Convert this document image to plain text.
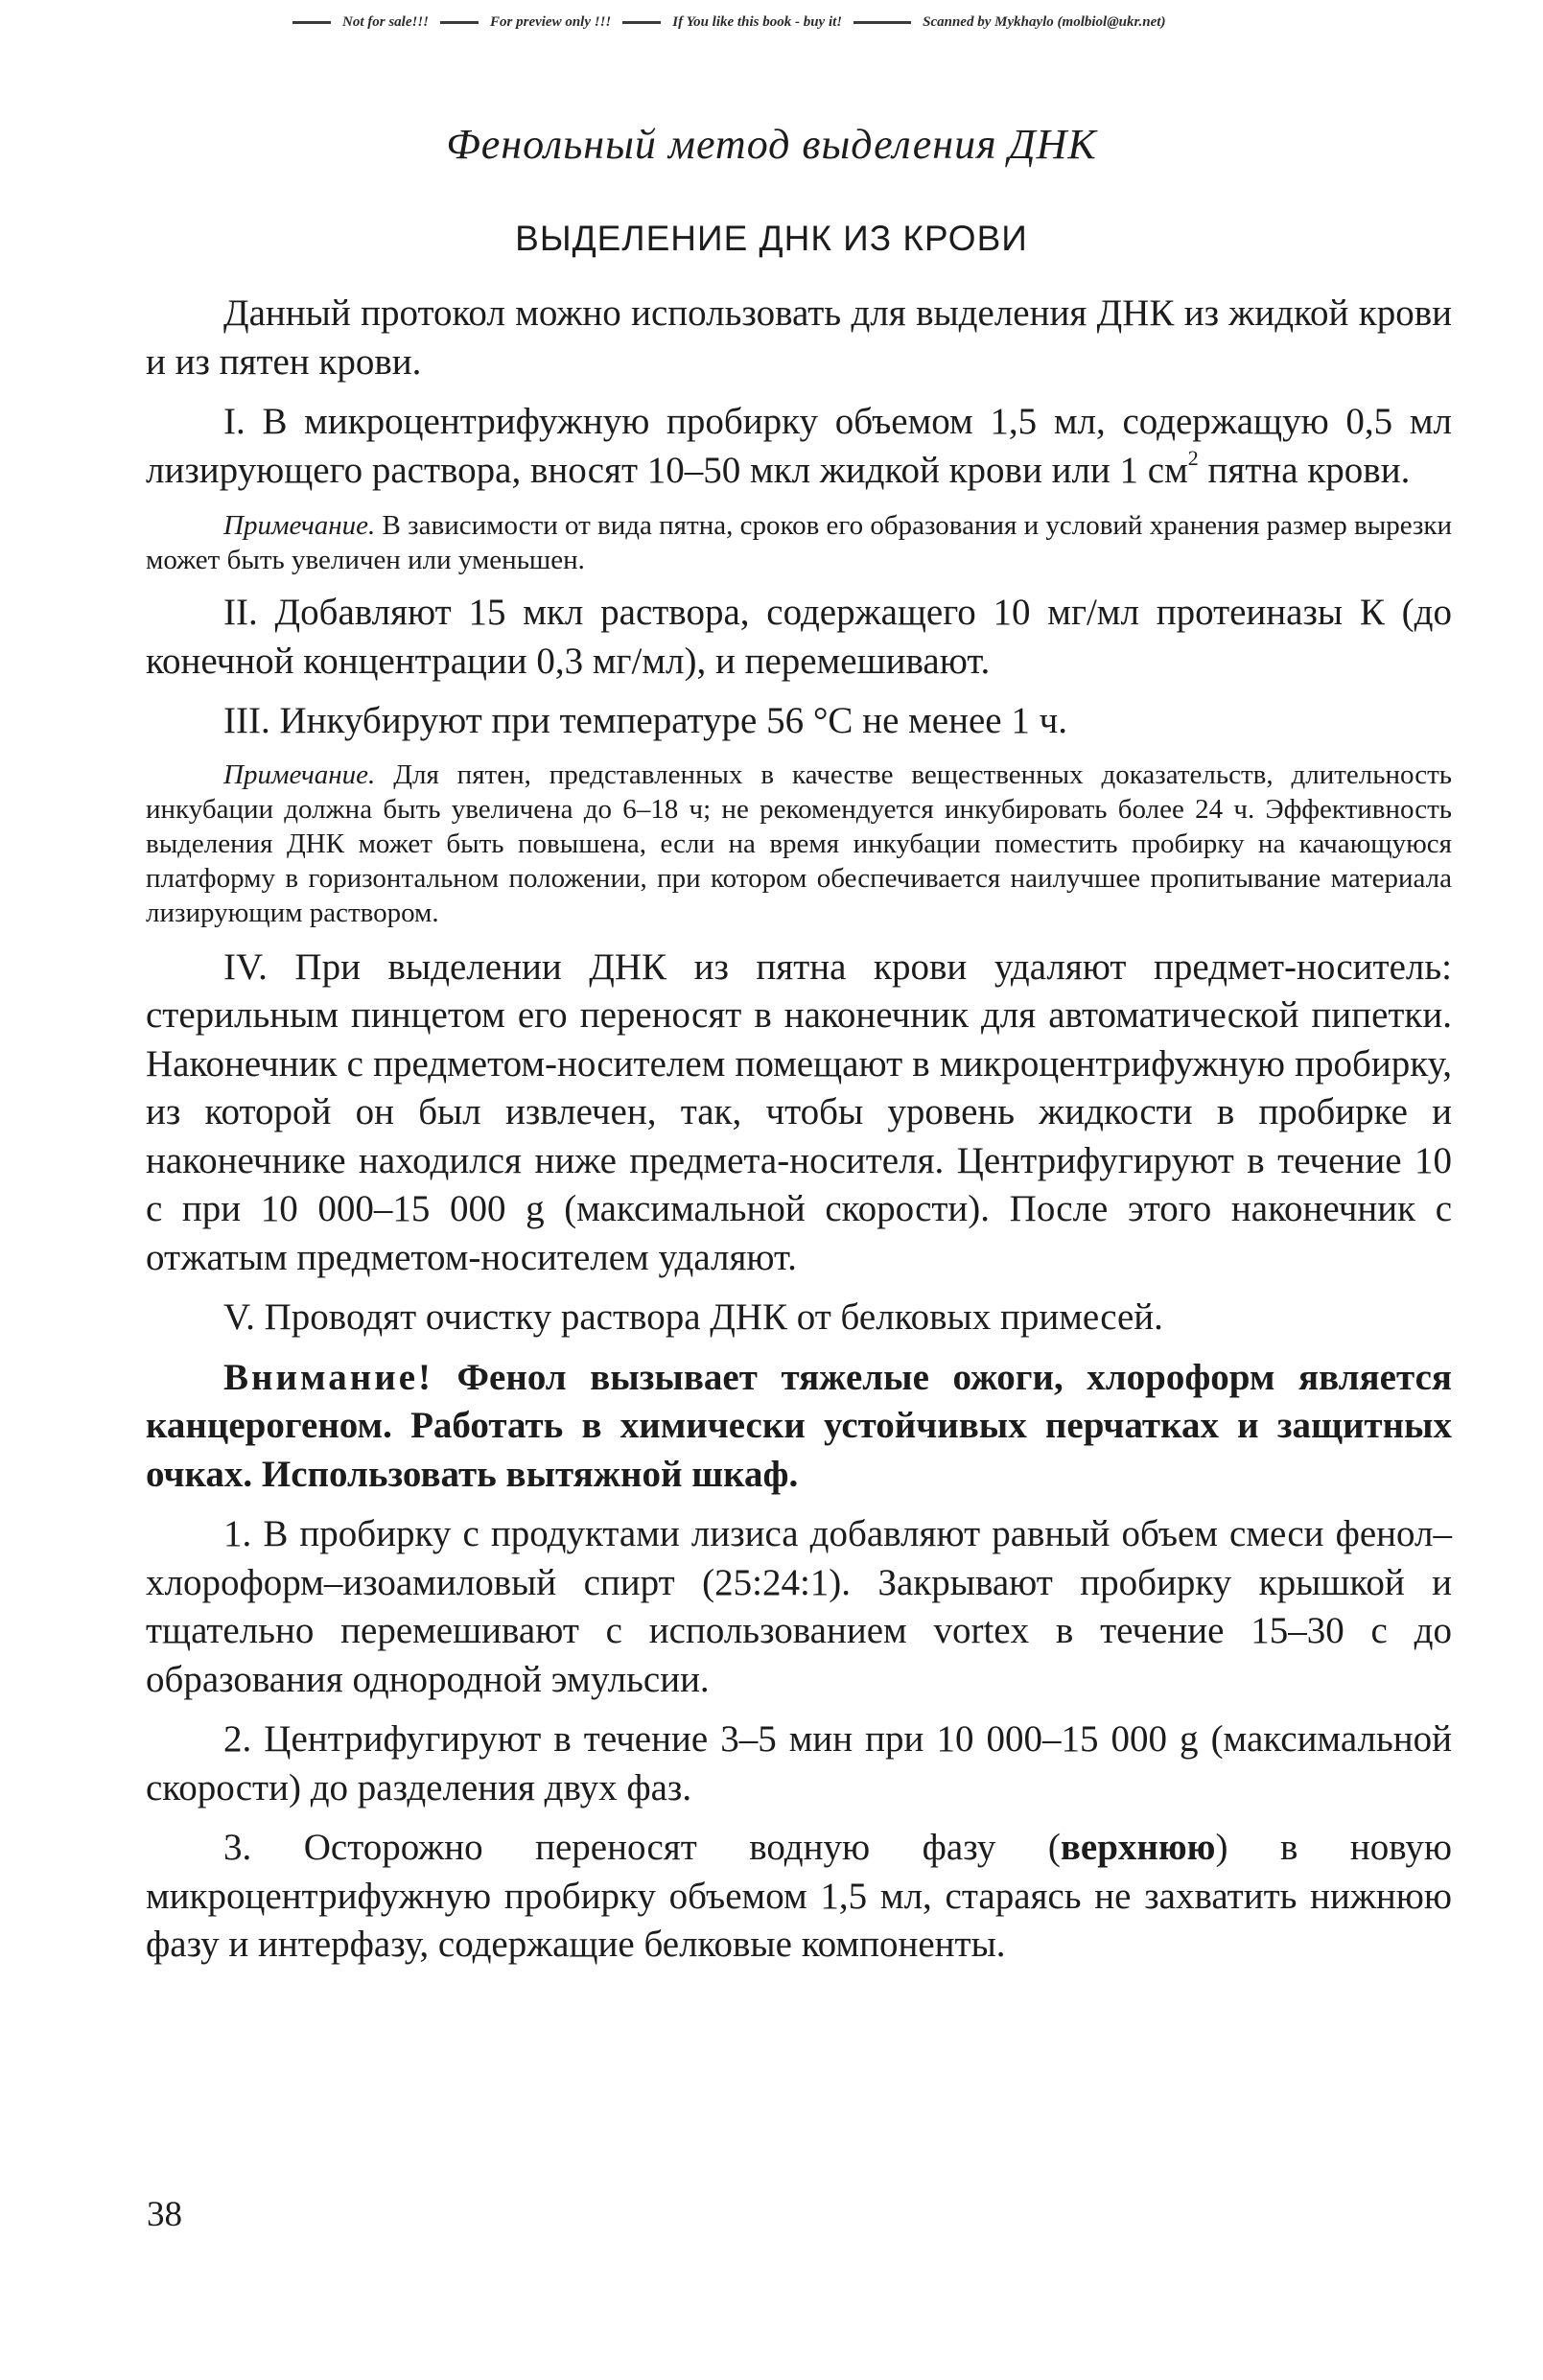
Not for sale!!!	For preview only !!!	If You like this book - buy it!	Scanned by Mykhaylo (molbiol@ukr.net)
Фенольный метод выделения ДНК
ВЫДЕЛЕНИЕ ДНК ИЗ КРОВИ

Данный протокол можно использовать для выделения ДНК из жидкой крови и из пятен крови.

I. В микроцентрифужную пробирку объемом 1,5 мл, содержащую 0,5 мл лизирующего раствора, вносят 10–50 мкл жидкой крови или 1 $см^2$ пятна крови.

Примечание. В зависимости от вида пятна, сроков его образования и условий хранения размер вырезки может быть увеличен или уменьшен.

II. Добавляют 15 мкл раствора, содержащего 10 мг/мл протеиназы К (до конечной концентрации 0,3 мг/мл), и перемешивают.

III. Инкубируют при температуре 56 °С не менее 1 ч.

Примечание. Для пятен, представленных в качестве вещественных доказательств, длительность инкубации должна быть увеличена до 6–18 ч; не рекомендуется инкубировать более 24 ч. Эффективность выделения ДНК может быть повышена, если на время инкубации поместить пробирку на качающуюся платформу в горизонтальном положении, при котором обеспечивается наилучшее пропитывание материала лизирующим раствором.

IV. При выделении ДНК из пятна крови удаляют предмет-носитель: стерильным пинцетом его переносят в наконечник для автоматической пипетки. Наконечник с предметом-носителем помещают в микроцентрифужную пробирку, из которой он был извлечен, так, чтобы уровень жидкости в пробирке и наконечнике находился ниже предмета-носителя. Центрифугируют в течение 10 с при 10 000–15 000 g (максимальной скорости). После этого наконечник с отжатым предметом-носителем удаляют.

V. Проводят очистку раствора ДНК от белковых примесей.

Внимание! Фенол вызывает тяжелые ожоги, хлороформ является канцерогеном. Работать в химически устойчивых перчатках и защитных очках. Использовать вытяжной шкаф.

1. В пробирку с продуктами лизиса добавляют равный объем смеси фенол–хлороформ–изоамиловый спирт (25:24:1). Закрывают пробирку крышкой и тщательно перемешивают с использованием vortex в течение 15–30 с до образования однородной эмульсии.

2. Центрифугируют в течение 3–5 мин при 10 000–15 000 g (максимальной скорости) до разделения двух фаз.

3. Осторожно переносят водную фазу (верхнюю) в новую микроцентрифужную пробирку объемом 1,5 мл, стараясь не захватить нижнюю фазу и интерфазу, содержащие белковые компоненты.

38
